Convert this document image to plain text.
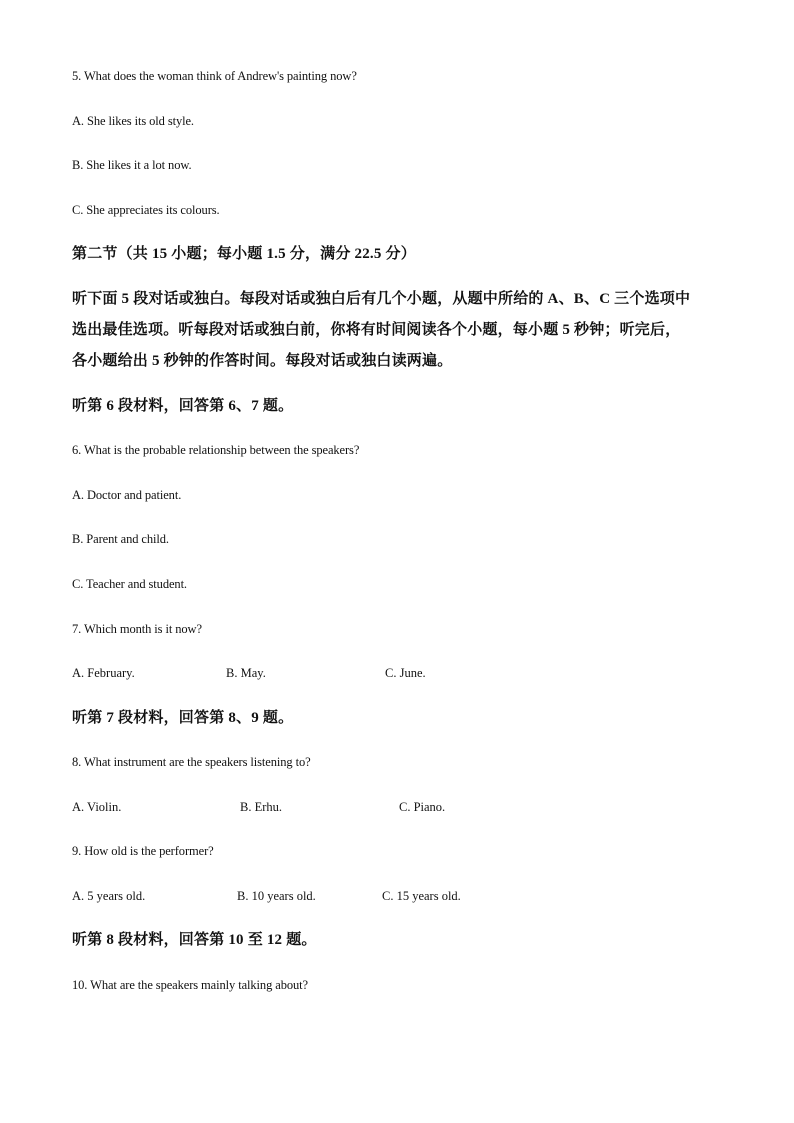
5. What does the woman think of Andrew's painting now?
A. She likes its old style.
B. She likes it a lot now.
C. She appreciates its colours.
第二节（共 15 小题；每小题 1.5 分，满分 22.5 分）
听下面 5 段对话或独白。每段对话或独白后有几个小题，从题中所给的 A、B、C 三个选项中
选出最佳选项。听每段对话或独白前，你将有时间阅读各个小题，每小题 5 秒钟；听完后，
各小题给出 5 秒钟的作答时间。每段对话或独白读两遍。
听第 6 段材料，回答第 6、7 题。
6. What is the probable relationship between the speakers?
A. Doctor and patient.
B. Parent and child.
C. Teacher and student.
7. Which month is it now?
A. February.	B. May.	C. June.
听第 7 段材料，回答第 8、9 题。
8. What instrument are the speakers listening to?
A. Violin.	B. Erhu.	C. Piano.
9. How old is the performer?
A. 5 years old.	B. 10 years old.	C. 15 years old.
听第 8 段材料，回答第 10 至 12 题。
10. What are the speakers mainly talking about?
